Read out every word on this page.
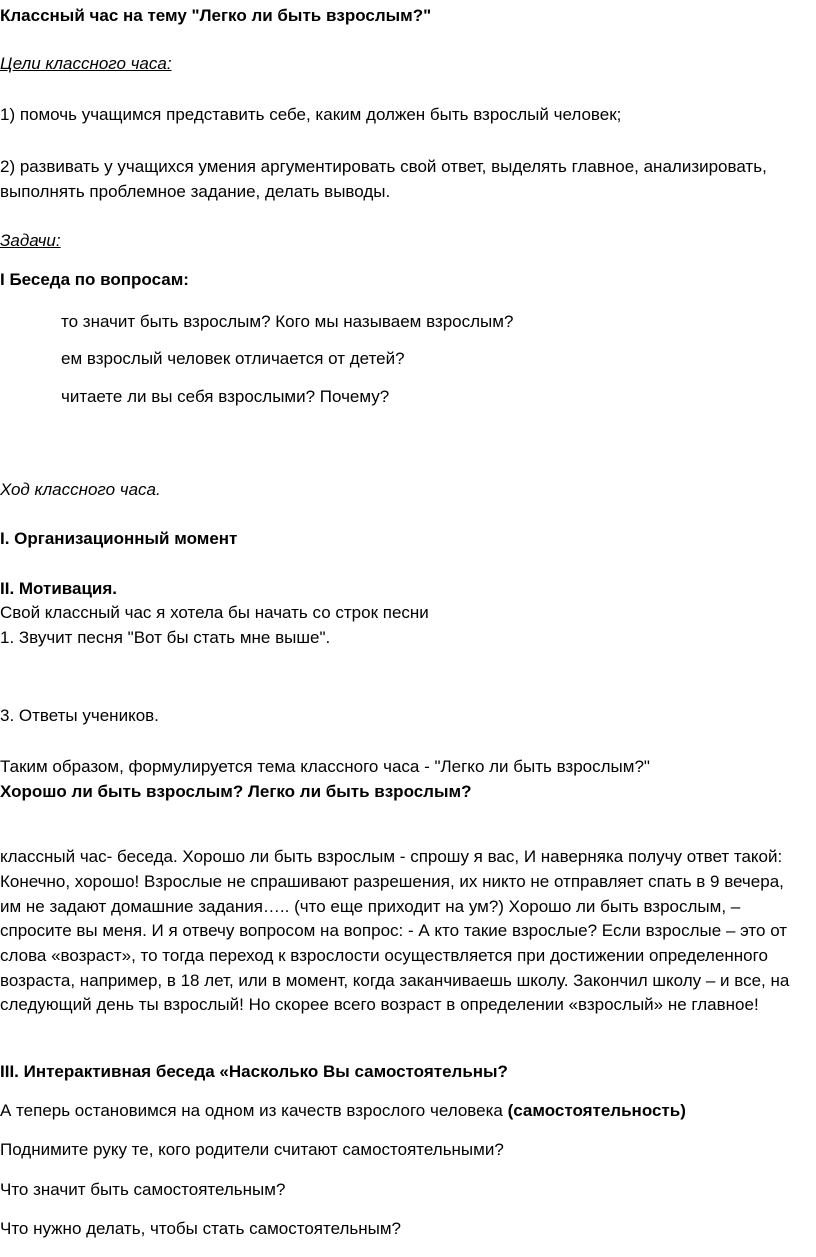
Классный час на тему "Легко ли быть взрослым?"
Цели классного часа:
1) помочь учащимся представить себе, каким должен быть взрослый человек;
2) развивать у учащихся умения аргументировать свой ответ, выделять главное, анализировать,
выполнять проблемное задание, делать выводы.
Задачи:
I Беседа по вопросам:
то значит быть взрослым? Кого мы называем взрослым?
ем взрослый человек отличается от детей?
читаете ли вы себя взрослыми? Почему?
Ход классного часа.
I. Организационный момент
II. Мотивация.
Свой классный час я хотела бы начать со строк песни
1. Звучит песня "Вот бы стать мне выше".
3. Ответы учеников.
Таким образом, формулируется тема классного часа - "Легко ли быть взрослым?"
Хорошо ли быть взрослым? Легко ли быть взрослым?
классный час- беседа. Хорошо ли быть взрослым - спрошу я вас, И наверняка получу ответ такой:
Конечно, хорошо! Взрослые не спрашивают разрешения, их никто не отправляет спать в 9 вечера,
им не задают домашние задания….. (что еще приходит на ум?) Хорошо ли быть взрослым, –
спросите вы меня. И я отвечу вопросом на вопрос: - А кто такие взрослые? Если взрослые – это от
слова «возраст», то тогда переход к взрослости осуществляется при достижении определенного
возраста, например, в 18 лет, или в момент, когда заканчиваешь школу. Закончил школу – и все, на
следующий день ты взрослый! Но скорее всего возраст в определении «взрослый» не главное!
III. Интерактивная беседа «Насколько Вы самостоятельны?
А теперь остановимся на одном из качеств взрослого человека (самостоятельность)
Поднимите руку те, кого родители считают самостоятельными?
Что значит быть самостоятельным?
Что нужно делать, чтобы стать самостоятельным?
